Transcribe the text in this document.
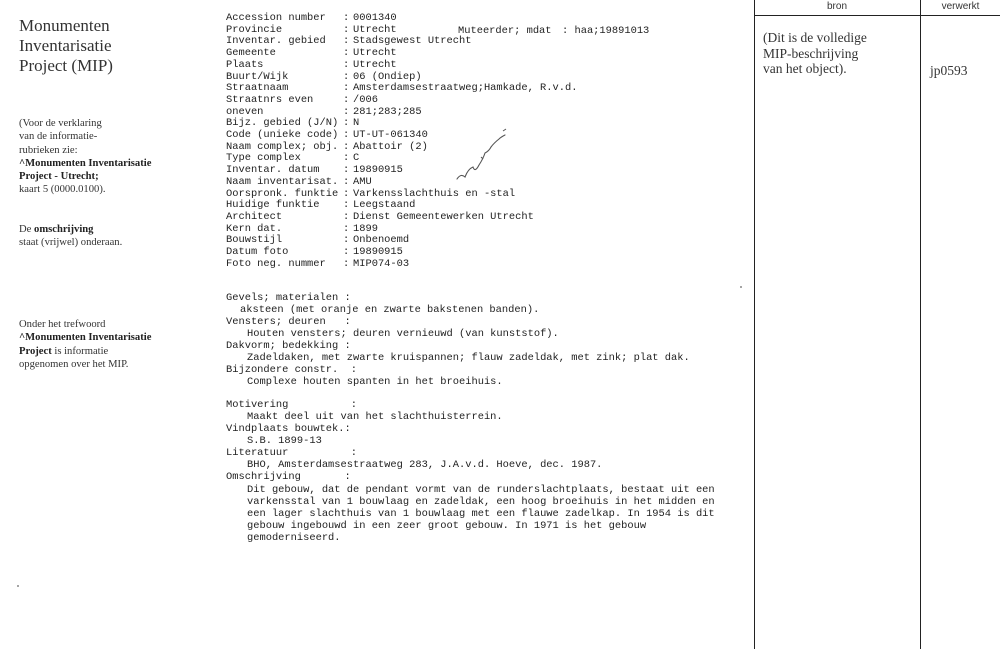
Monumenten
Inventarisatie
Project (MIP)
(Voor de verklaring
van de informatie-
rubrieken zie:
^Monumenten Inventarisatie
Project - Utrecht;
kaart 5 (0000.0100).
De omschrijving
staat (vrijwel) onderaan.
Onder het trefwoord
^Monumenten Inventarisatie
Project is informatie
opgenomen over het MIP.
Accession number : 0001340
Provincie	: Utrecht
Inventar. gebied : Stadsgewest Utrecht
Gemeente	: Utrecht
Plaats	: Utrecht
Buurt/Wijk	: 06 (Ondiep)
Straatnaam	: Amsterdamsestraatweg;Hamkade, R.v.d.
Straatnrs even	: /006
oneven	: 281;283;285
Bijz. gebied (J/N) : N
Code (unieke code) : UT-UT-061340
Naam complex; obj. : Abattoir (2)
Type complex	: C
Inventar. datum : 19890915
Naam inventarisat. : AMU
Oorspronk. funktie : Varkensslachthuis en -stal
Huidige funktie : Leegstaand
Architect	: Dienst Gemeentewerken Utrecht
Kern dat.	: 1899
Bouwstijl	: Onbenoemd
Datum foto	: 19890915
Foto neg. nummer : MIP074-03
Muteerder; mdat : haa;19891013
Gevels; materialen :
aksteen (met oranje en zwarte bakstenen banden).
Vensters; deuren   :
Houten vensters; deuren vernieuwd (van kunststof).
Dakvorm; bedekking :
Zadeldaken, met zwarte kruispannen; flauw zadeldak, met zink; plat dak.
Bijzondere constr.  :
Complexe houten spanten in het broeihuis.
Motivering          :
Maakt deel uit van het slachthuisterrein.
Vindplaats bouwtek.:
S.B. 1899-13
Literatuur          :
BHO, Amsterdamsestraatweg 283, J.A.v.d. Hoeve, dec. 1987.
Omschrijving       :
Dit gebouw, dat de pendant vormt van de runderslachtplaats, bestaat uit een
varkensstal van 1 bouwlaag en zadeldak, een hoog broeihuis in het midden en
een lager slachthuis van 1 bouwlaag met een flauwe zadelkap. In 1954 is dit
gebouw ingebouwd in een zeer groot gebouw. In 1971 is het gebouw
gemoderniseerd.
bron	verwerkt
(Dit is de volledige
MIP-beschrijving
van het object).	jp0593
